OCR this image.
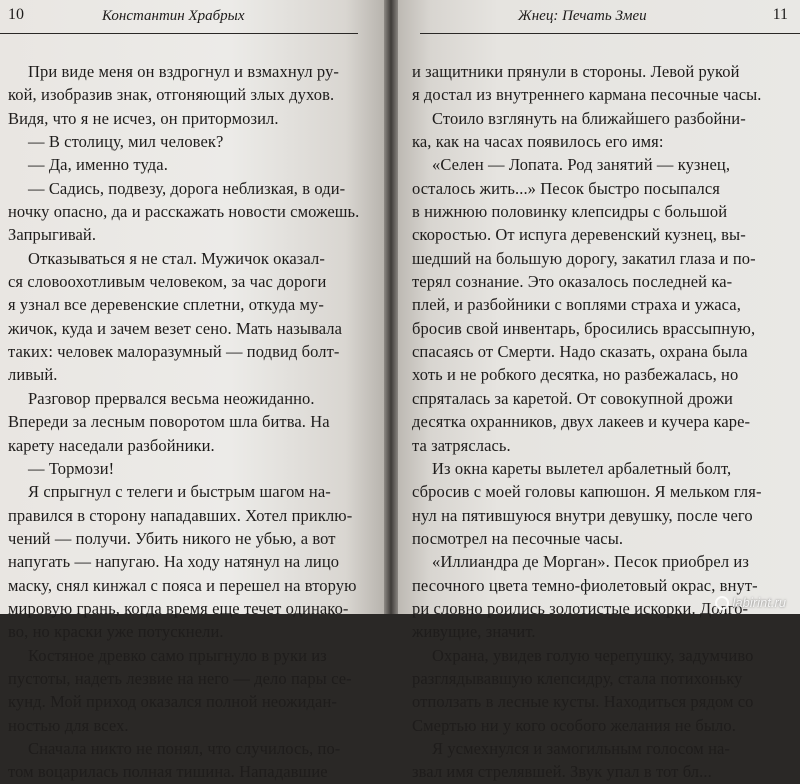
10	Константин Храбрых
При виде меня он вздрогнул и взмахнул ру-
кой, изобразив знак, отгоняющий злых духов.
Видя, что я не исчез, он притормозил.
— В столицу, мил человек?
— Да, именно туда.
— Садись, подвезу, дорога неблизкая, в оди-
ночку опасно, да и расскажать новости сможешь.
Запрыгивай.
Отказываться я не стал. Мужичок оказал-
ся словоохотливым человеком, за час дороги
я узнал все деревенские сплетни, откуда му-
жичок, куда и зачем везет сено. Мать называла
таких: человек малоразумный — подвид болт-
ливый.
Разговор прервался весьма неожиданно.
Впереди за лесным поворотом шла битва. На
карету наседали разбойники.
— Тормози!
Я спрыгнул с телеги и быстрым шагом на-
правился в сторону нападавших. Хотел приклю-
чений — получи. Убить никого не убью, а вот
напугать — напугаю. На ходу натянул на лицо
маску, снял кинжал с пояса и перешел на вторую
мировую грань, когда время еще течет одинако-
во, но краски уже потускнели.
Костяное древко само прыгнуло в руки из
пустоты, надеть лезвие на него — дело пары се-
кунд. Мой приход оказался полной неожидан-
ностью для всех.
Сначала никто не понял, что случилось, по-
том воцарилась полная тишина. Нападавшие
Жнец: Печать Змеи	11
и защитники прянули в стороны. Левой рукой
я достал из внутреннего кармана песочные часы.
Стоило взглянуть на ближайшего разбойни-
ка, как на часах появилось его имя:
«Селен — Лопата. Род занятий — кузнец,
осталось жить...» Песок быстро посыпался
в нижнюю половинку клепсидры с большой
скоростью. От испуга деревенский кузнец, вы-
шедший на большую дорогу, закатил глаза и по-
терял сознание. Это оказалось последней ка-
плей, и разбойники с воплями страха и ужаса,
бросив свой инвентарь, бросились врассыпную,
спасаясь от Смерти. Надо сказать, охрана была
хоть и не робкого десятка, но разбежалась, но
спряталась за каретой. От совокупной дрожи
десятка охранников, двух лакеев и кучера каре-
та затряслась.
Из окна кареты вылетел арбалетный болт,
сбросив с моей головы капюшон. Я мельком гля-
нул на пятившуюся внутри девушку, после чего
посмотрел на песочные часы.
«Иллиандра де Морган». Песок приобрел из
песочного цвета темно-фиолетовый окрас, внут-
ри словно роились золотистые искорки. Долго-
живущие, значит.
Охрана, увидев голую черепушку, задумчиво
разглядывавшую клепсидру, стала потихоньку
отползать в лесные кусты. Находиться рядом со
Смертью ни у кого особого желания не было.
Я усмехнулся и замогильным голосом на-
звал имя стрелявшей. Звук упал в тот бл...
labirint.ru
